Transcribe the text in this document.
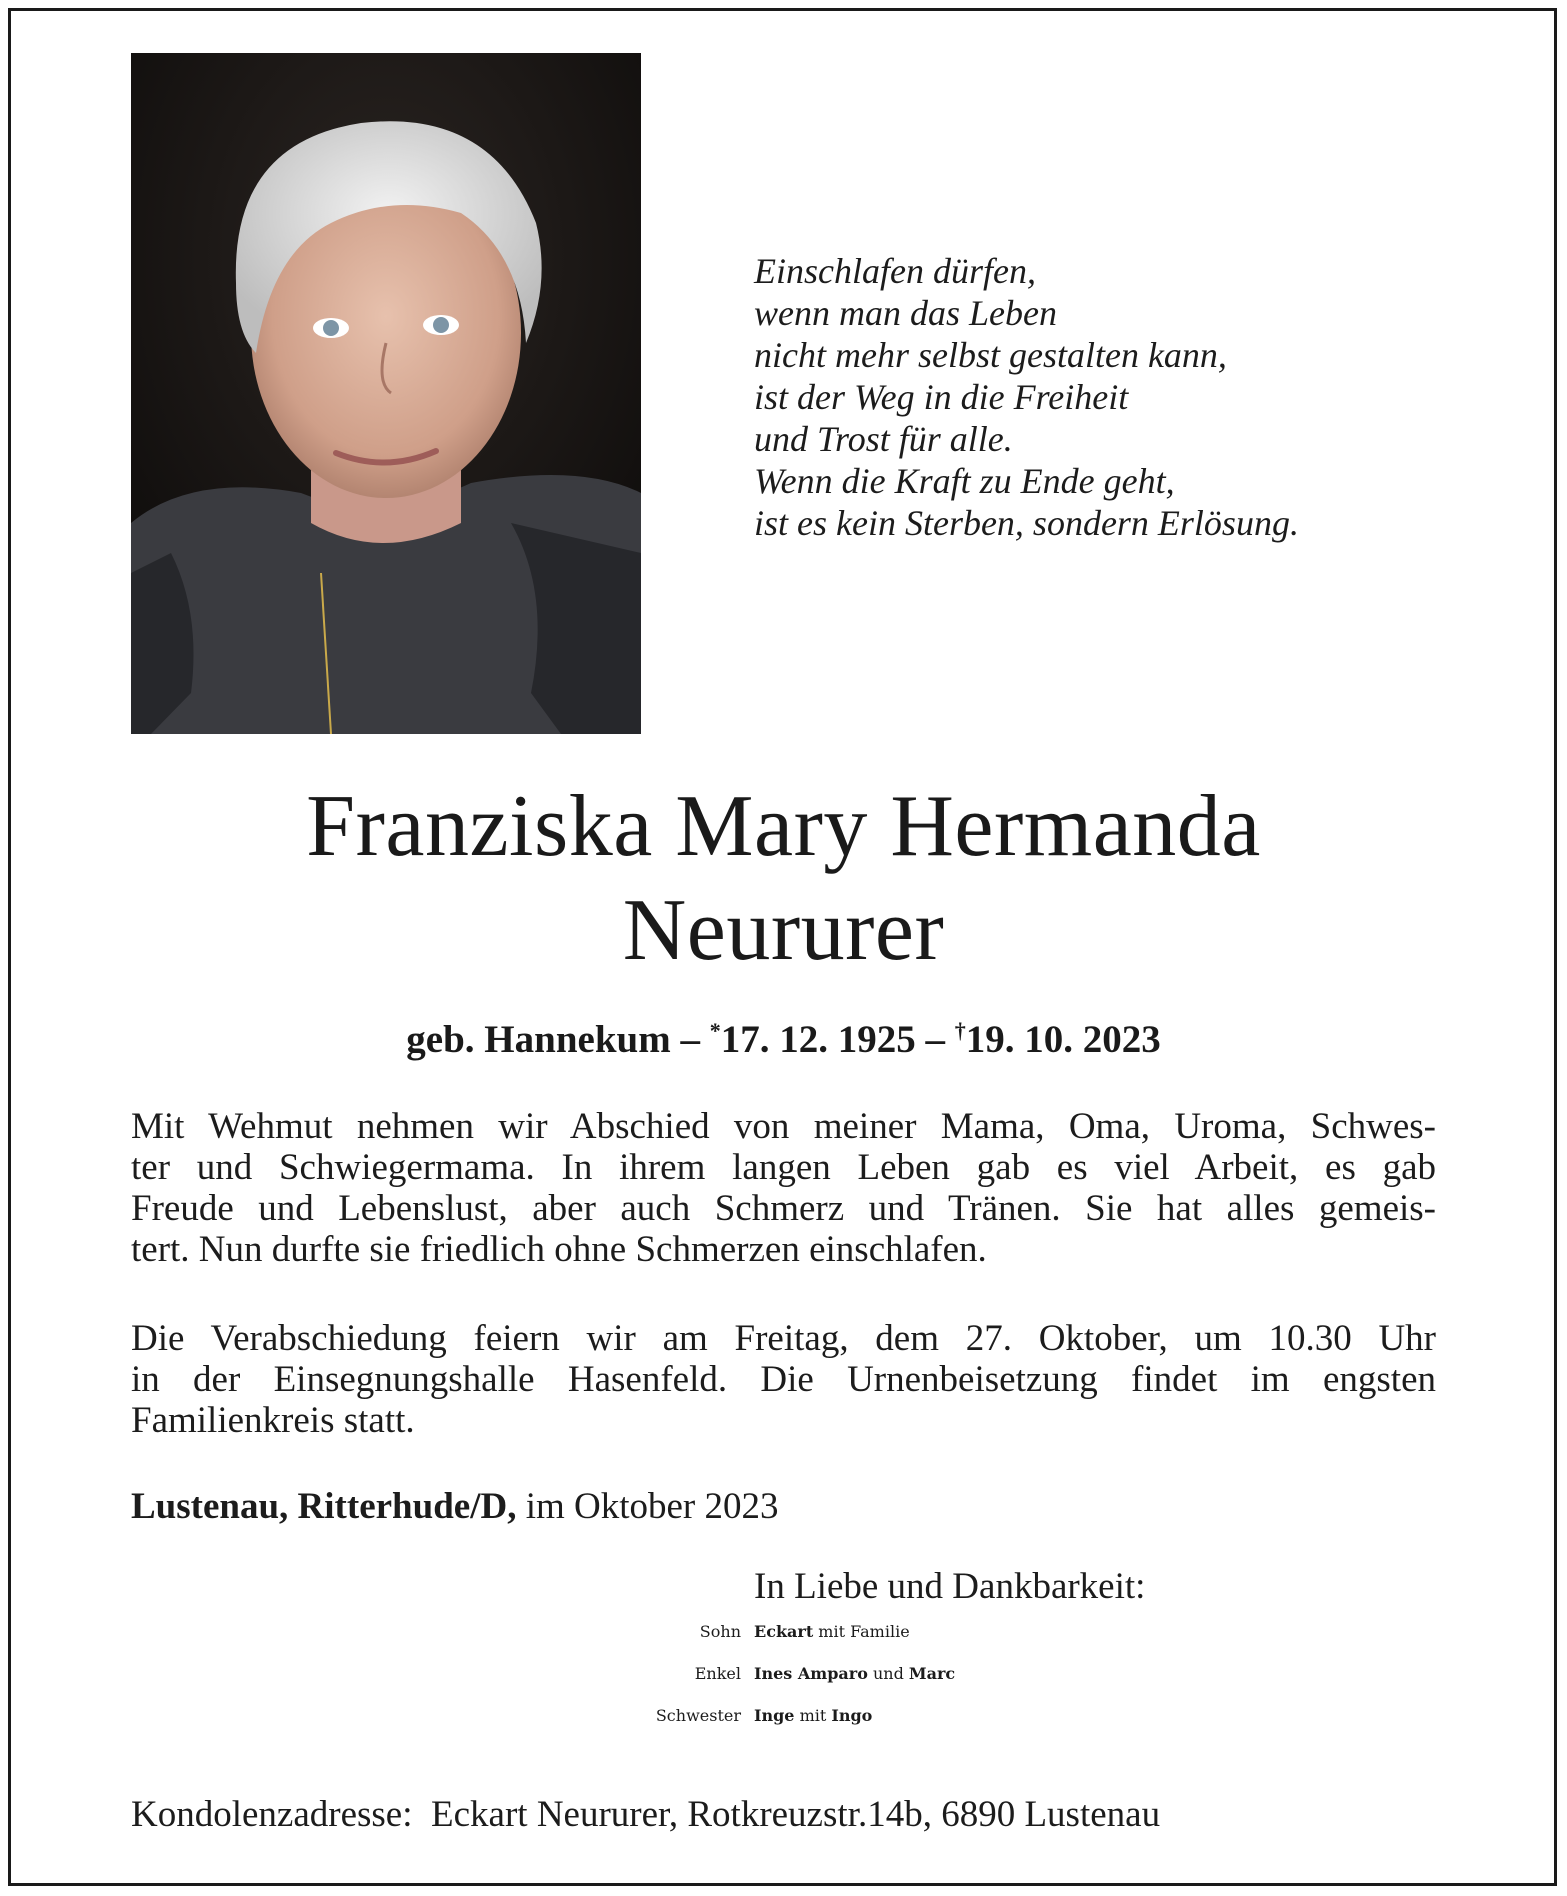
Einschlafen dürfen,
wenn man das Leben
nicht mehr selbst gestalten kann,
ist der Weg in die Freiheit
und Trost für alle.
Wenn die Kraft zu Ende geht,
ist es kein Sterben, sondern Erlösung.
Franziska Mary Hermanda
Neururer
geb. Hannekum – *17. 12. 1925 – †19. 10. 2023
Mit Wehmut nehmen wir Abschied von meiner Mama, Oma, Uroma, Schwes-
ter und Schwiegermama. In ihrem langen Leben gab es viel Arbeit, es gab
Freude und Lebenslust, aber auch Schmerz und Tränen. Sie hat alles gemeis-
tert. Nun durfte sie friedlich ohne Schmerzen einschlafen.
Die Verabschiedung feiern wir am Freitag, dem 27. Oktober, um 10.30 Uhr
in der Einsegnungshalle Hasenfeld. Die Urnenbeisetzung findet im engsten
Familienkreis statt.
Lustenau, Ritterhude/D, im Oktober 2023
In Liebe und Dankbarkeit:
Sohn Eckart mit Familie
Enkel Ines Amparo und Marc
Schwester Inge mit Ingo
Kondolenzadresse:  Eckart Neururer, Rotkreuzstr.14b, 6890 Lustenau
